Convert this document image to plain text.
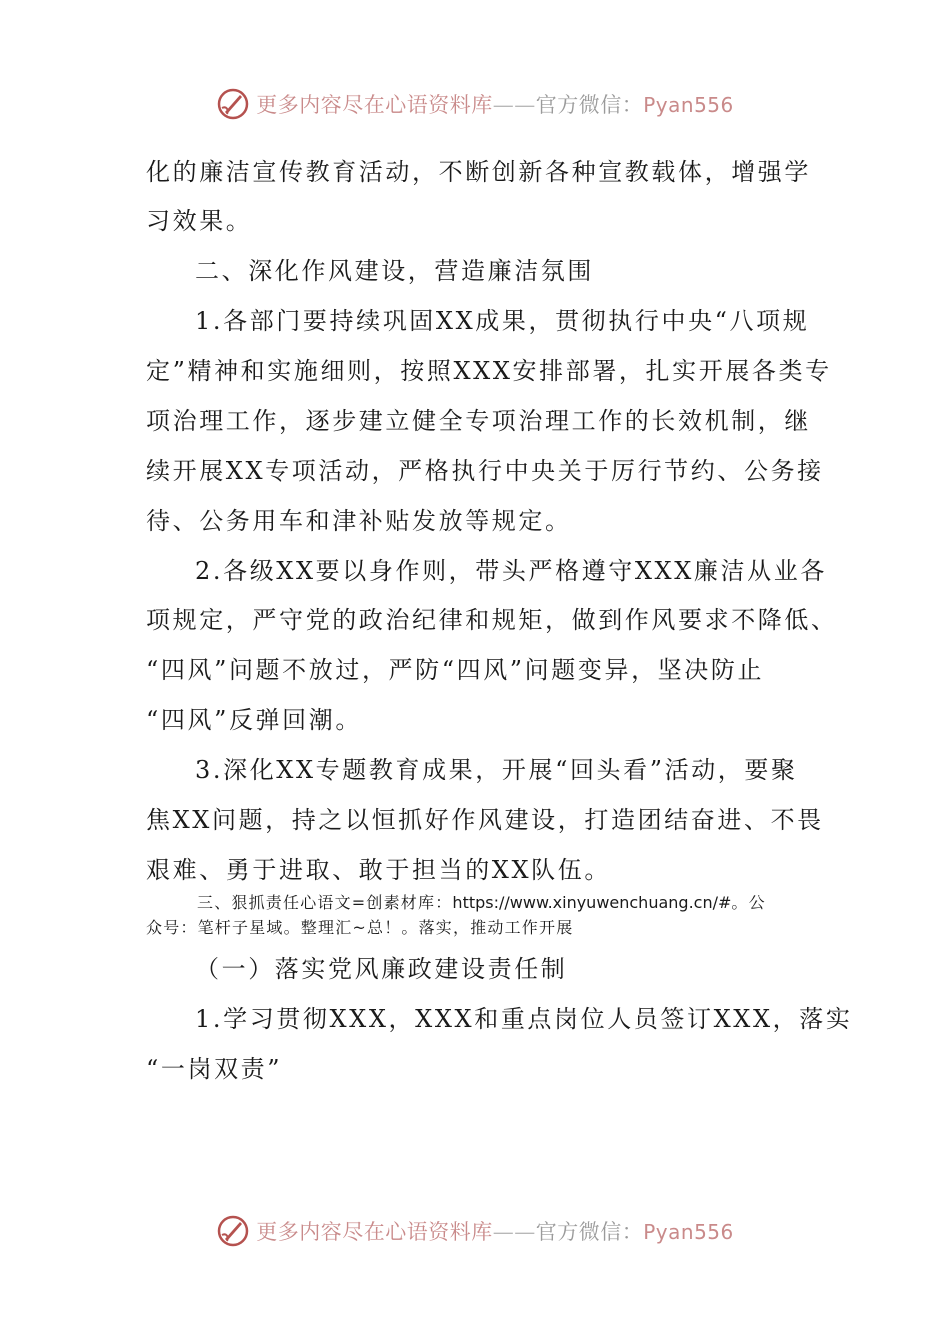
更多内容尽在心语资料库——官方微信：Pyan556
化的廉洁宣传教育活动，不断创新各种宣教载体，增强学
习效果。
二、深化作风建设，营造廉洁氛围
1.各部门要持续巩固XX成果，贯彻执行中央“八项规
定”精神和实施细则，按照XXX安排部署，扎实开展各类专
项治理工作，逐步建立健全专项治理工作的长效机制，继
续开展XX专项活动，严格执行中央关于厉行节约、公务接
待、公务用车和津补贴发放等规定。
2.各级XX要以身作则，带头严格遵守XXX廉洁从业各
项规定，严守党的政治纪律和规矩，做到作风要求不降低、
“四风”问题不放过，严防“四风”问题变异，坚决防止
“四风”反弹回潮。
3.深化XX专题教育成果，开展“回头看”活动，要聚
焦XX问题，持之以恒抓好作风建设，打造团结奋进、不畏
艰难、勇于进取、敢于担当的XX队伍。
三、狠抓责任心语文=创素材库：https://www.xinyuwenchuang.cn/#。公
众号：笔杆子星域。整理汇~总！。落实，推动工作开展
（一）落实党风廉政建设责任制
1.学习贯彻XXX，XXX和重点岗位人员签订XXX，落实
“一岗双责”
更多内容尽在心语资料库——官方微信：Pyan556
